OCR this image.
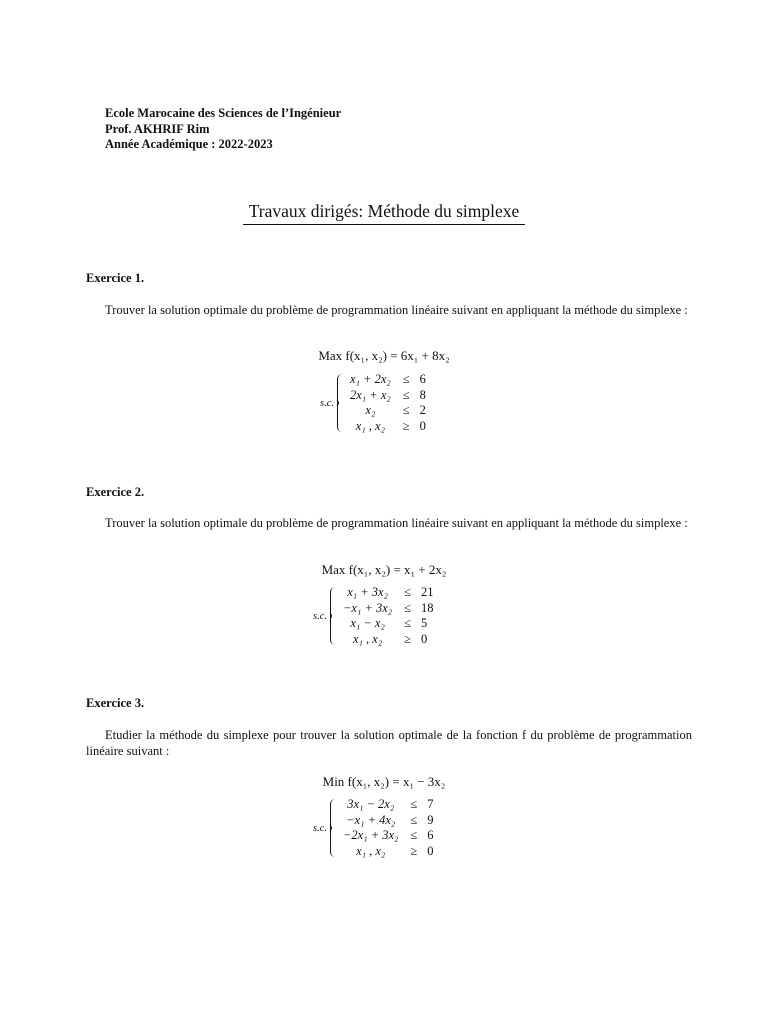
Ecole Marocaine des Sciences de l’Ingénieur
Prof. AKHRIF Rim
Année Académique : 2022-2023
Travaux dirigés: Méthode du simplexe
Exercice 1.
Trouver la solution optimale du problème de programmation linéaire suivant en appliquant la méthode du simplexe :
Max f(x₁, x₂) = 6x₁ + 8x₂
s.c.
x₁ + 2x₂	≤	6
2x₁ + x₂	≤	8
x₂	≤	2
x₁ , x₂	≥	0
Exercice 2.
Trouver la solution optimale du problème de programmation linéaire suivant en appliquant la méthode du simplexe :
Max f(x₁, x₂) = x₁ + 2x₂
s.c.
x₁ + 3x₂	≤	21
−x₁ + 3x₂	≤	18
x₁ − x₂	≤	5
x₁ , x₂	≥	0
Exercice 3.
Etudier la méthode du simplexe pour trouver la solution optimale de la fonction f du problème de programmation linéaire suivant :
Min f(x₁, x₂) = x₁ − 3x₂
s.c.
3x₁ − 2x₂	≤	7
−x₁ + 4x₂	≤	9
−2x₁ + 3x₂	≤	6
x₁ , x₂	≥	0
